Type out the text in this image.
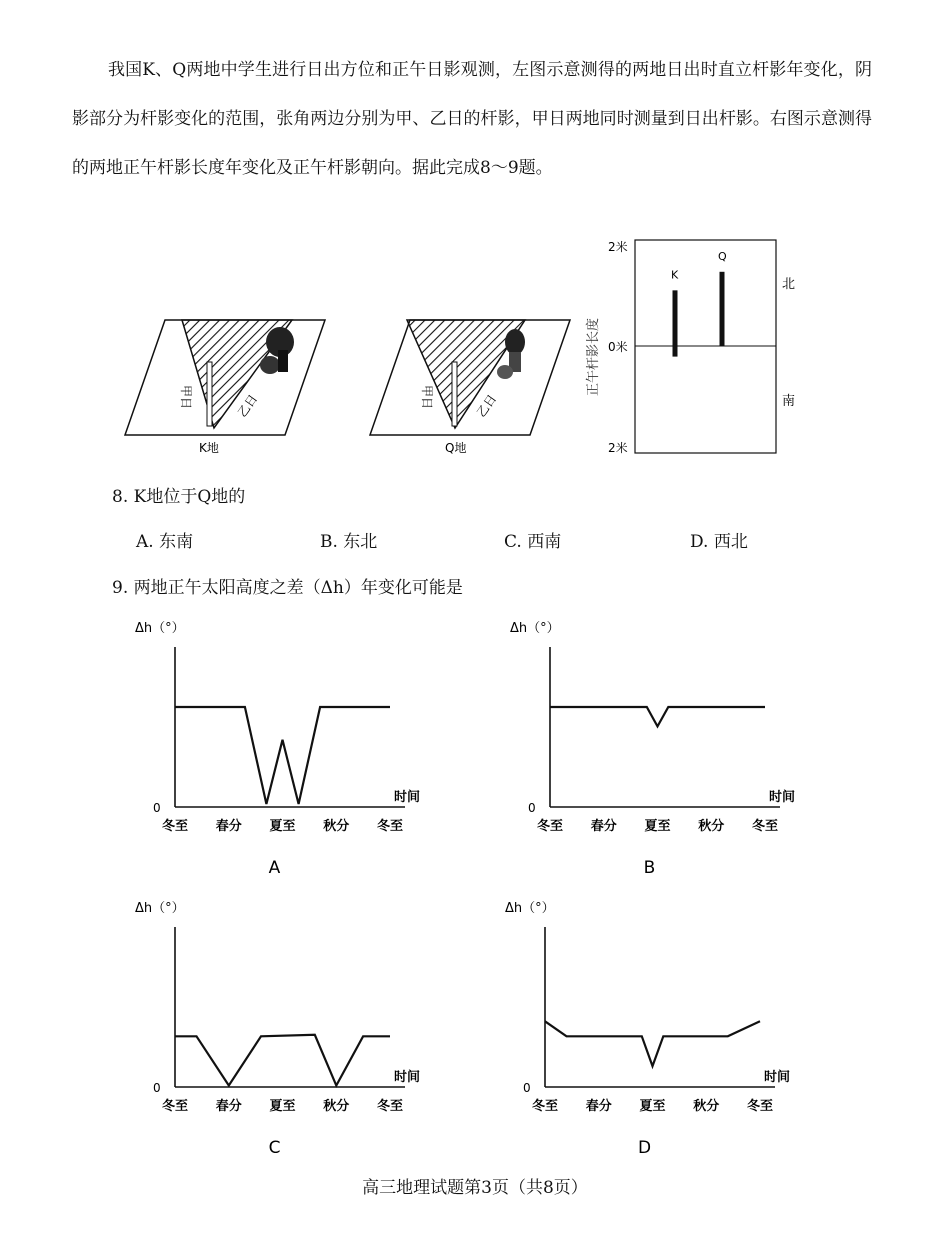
我国K、Q两地中学生进行日出方位和正午日影观测，左图示意测得的两地日出时直立杆影年变化，阴影部分为杆影变化的范围，张角两边分别为甲、乙日的杆影，甲日两地同时测量到日出杆影。右图示意测得的两地正午杆影长度年变化及正午杆影朝向。据此完成8～9题。
甲日	乙日
K地
甲日	乙日
Q地
2米
0米
2米
北
南
正午杆影长度
K
Q
8. K地位于Q地的
A. 东南	B. 东北	C. 西南	D. 西北
9. 两地正午太阳高度之差（Δh）年变化可能是
Δh（°）
时间
0
冬至 春分 夏至 秋分 冬至
A
Δh（°）
时间
0
冬至 春分 夏至 秋分 冬至
B
Δh（°）
时间
0
冬至 春分 夏至 秋分 冬至
C
Δh（°）
时间
0
冬至 春分 夏至 秋分 冬至
D
高三地理试题第3页（共8页）
